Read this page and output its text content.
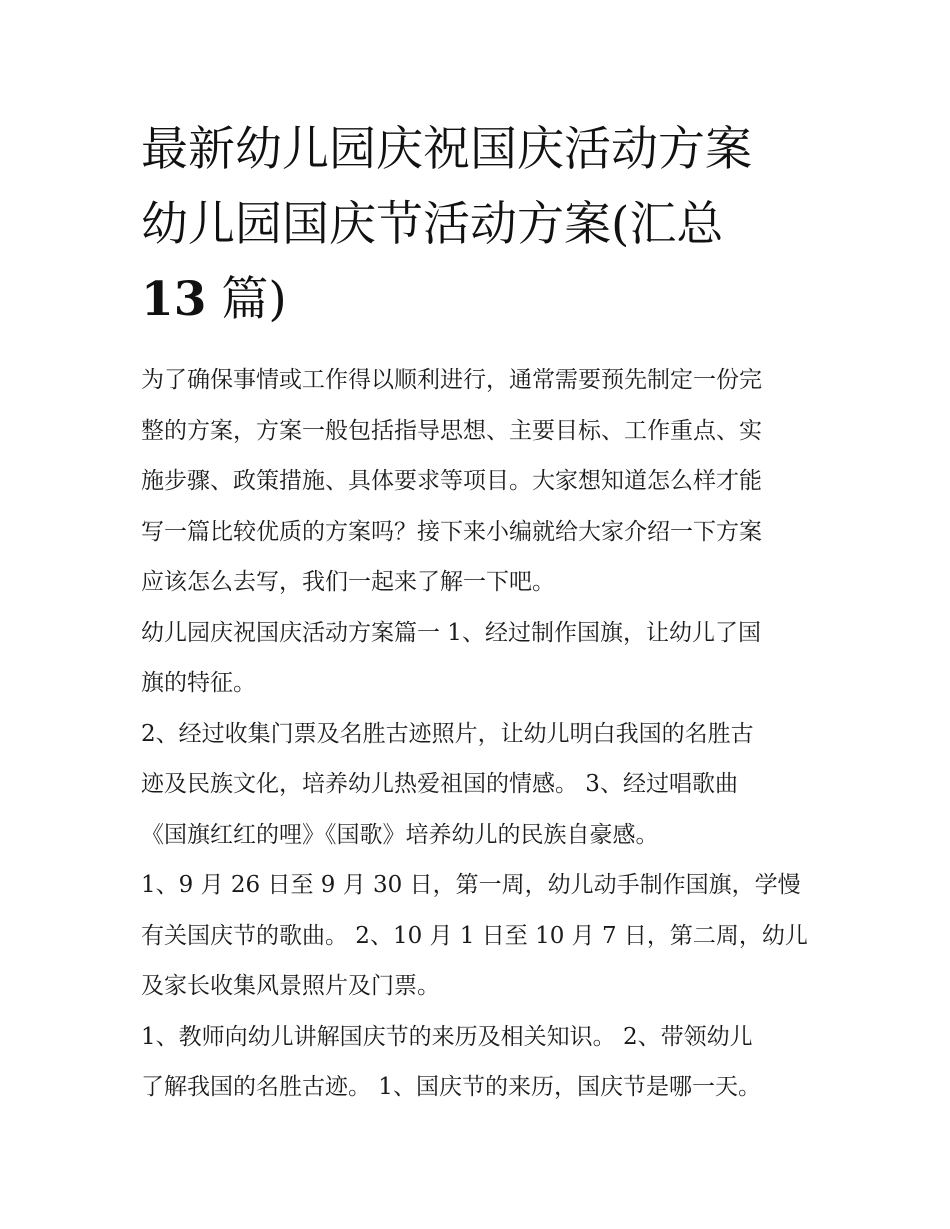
最新幼儿园庆祝国庆活动方案
幼儿园国庆节活动方案(汇总
13 篇)

为了确保事情或工作得以顺利进行，通常需要预先制定一份完
整的方案，方案一般包括指导思想、主要目标、工作重点、实
施步骤、政策措施、具体要求等项目。大家想知道怎么样才能
写一篇比较优质的方案吗？接下来小编就给大家介绍一下方案
应该怎么去写，我们一起来了解一下吧。

幼儿园庆祝国庆活动方案篇一 1、经过制作国旗，让幼儿了国
旗的特征。

2、经过收集门票及名胜古迹照片，让幼儿明白我国的名胜古
迹及民族文化，培养幼儿热爱祖国的情感。 3、经过唱歌曲
《国旗红红的哩》《国歌》培养幼儿的民族自豪感。

1、9 月 26 日至 9 月 30 日，第一周，幼儿动手制作国旗，学慢
有关国庆节的歌曲。 2、10 月 1 日至 10 月 7 日，第二周，幼儿
及家长收集风景照片及门票。

1、教师向幼儿讲解国庆节的来历及相关知识。 2、带领幼儿
了解我国的名胜古迹。 1、国庆节的来历，国庆节是哪一天。
